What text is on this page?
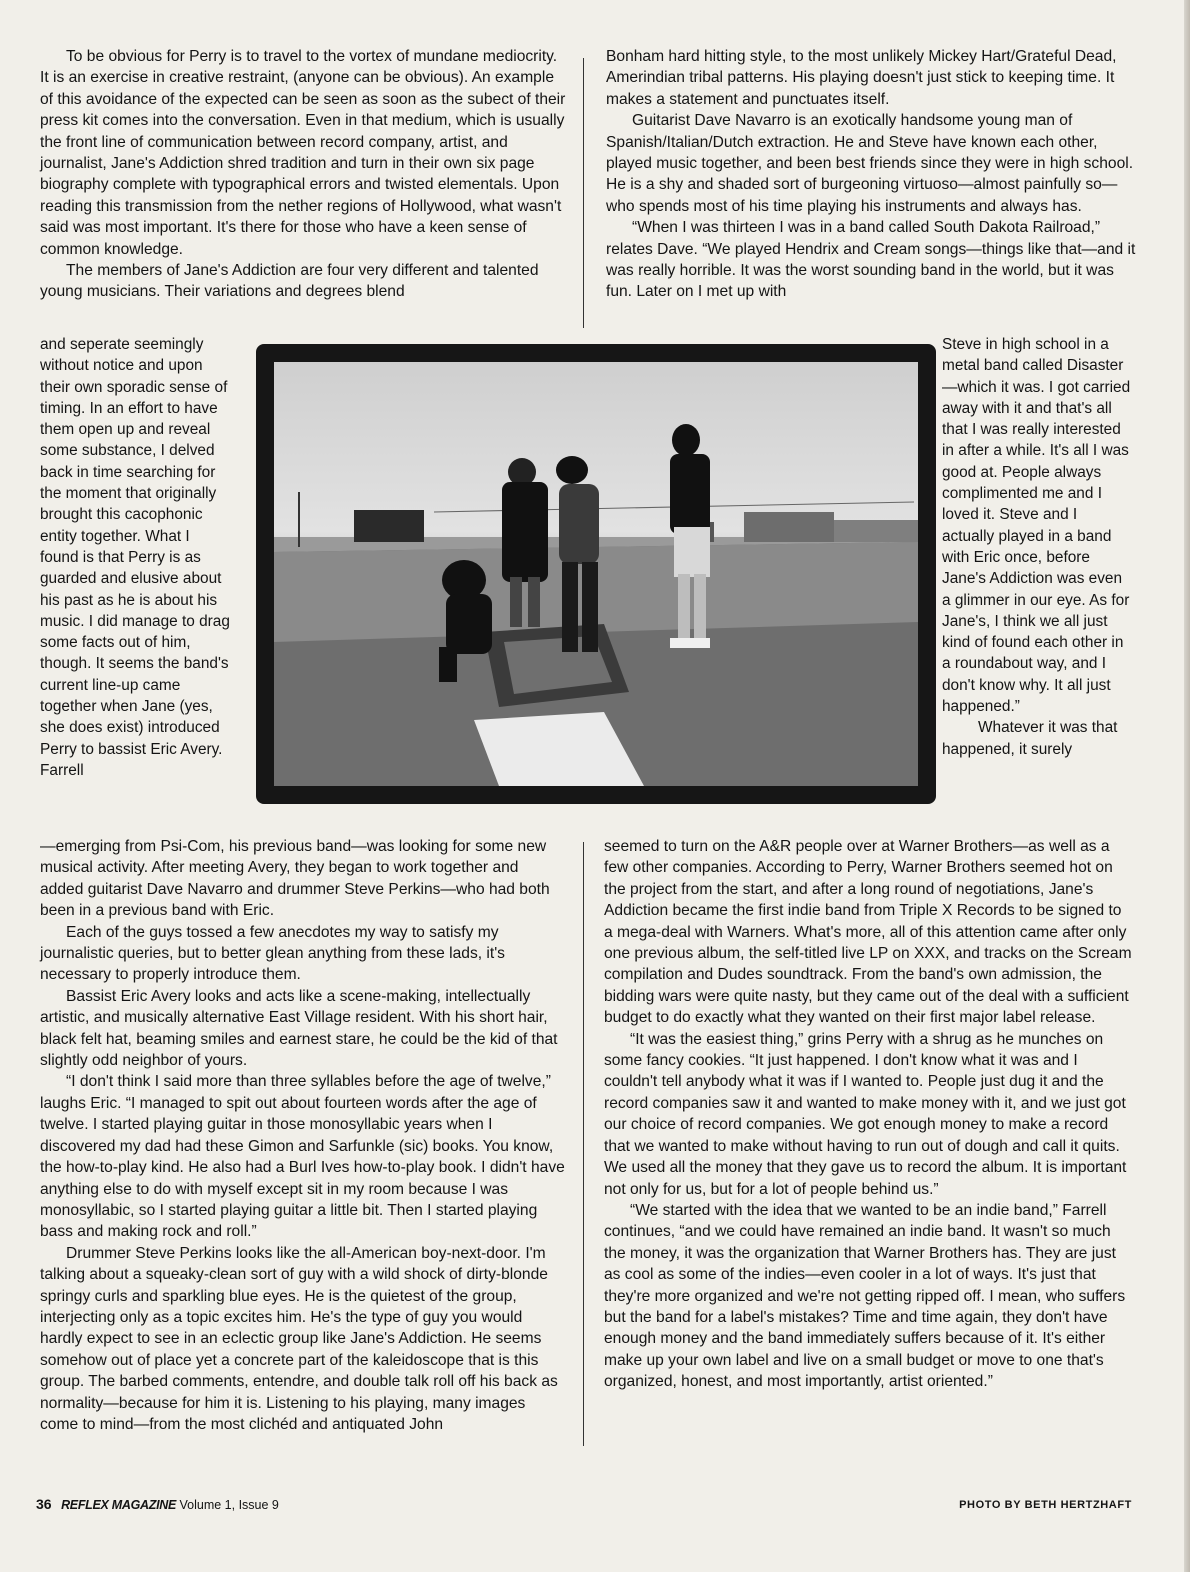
To be obvious for Perry is to travel to the vortex of mundane mediocrity. It is an exercise in creative restraint, (anyone can be obvious). An example of this avoidance of the expected can be seen as soon as the subect of their press kit comes into the conversation. Even in that medium, which is usually the front line of communication between record company, artist, and journalist, Jane's Addiction shred tradition and turn in their own six page biography complete with typographical errors and twisted elementals. Upon reading this transmission from the nether regions of Hollywood, what wasn't said was most important. It's there for those who have a keen sense of common knowledge.

The members of Jane's Addiction are four very different and talented young musicians. Their variations and degrees blend

Bonham hard hitting style, to the most unlikely Mickey Hart/Grateful Dead, Amerindian tribal patterns. His playing doesn't just stick to keeping time. It makes a statement and punctuates itself.

Guitarist Dave Navarro is an exotically handsome young man of Spanish/Italian/Dutch extraction. He and Steve have known each other, played music together, and been best friends since they were in high school. He is a shy and shaded sort of burgeoning virtuoso—almost painfully so—who spends most of his time playing his instruments and always has.

“When I was thirteen I was in a band called South Dakota Railroad,” relates Dave. “We played Hendrix and Cream songs—things like that—and it was really horrible. It was the worst sounding band in the world, but it was fun. Later on I met up with

and seperate seemingly without notice and upon their own sporadic sense of timing. In an effort to have them open up and reveal some substance, I delved back in time searching for the moment that originally brought this cacophonic entity together. What I found is that Perry is as guarded and elusive about his past as he is about his music. I did manage to drag some facts out of him, though. It seems the band's current line-up came together when Jane (yes, she does exist) introduced Perry to bassist Eric Avery. Farrell

Steve in high school in a metal band called Disaster—which it was. I got carried away with it and that's all that I was really interested in after a while. It's all I was good at. People always complimented me and I loved it. Steve and I actually played in a band with Eric once, before Jane's Addiction was even a glimmer in our eye. As for Jane's, I think we all just kind of found each other in a roundabout way, and I don't know why. It all just happened.”

Whatever it was that happened, it surely

—emerging from Psi-Com, his previous band—was looking for some new musical activity. After meeting Avery, they began to work together and added guitarist Dave Navarro and drummer Steve Perkins—who had both been in a previous band with Eric.

Each of the guys tossed a few anecdotes my way to satisfy my journalistic queries, but to better glean anything from these lads, it's necessary to properly introduce them.

Bassist Eric Avery looks and acts like a scene-making, intellectually artistic, and musically alternative East Village resident. With his short hair, black felt hat, beaming smiles and earnest stare, he could be the kid of that slightly odd neighbor of yours.

“I don't think I said more than three syllables before the age of twelve,” laughs Eric. “I managed to spit out about fourteen words after the age of twelve. I started playing guitar in those monosyllabic years when I discovered my dad had these Gimon and Sarfunkle (sic) books. You know, the how-to-play kind. He also had a Burl Ives how-to-play book. I didn't have anything else to do with myself except sit in my room because I was monosyllabic, so I started playing guitar a little bit. Then I started playing bass and making rock and roll.”

Drummer Steve Perkins looks like the all-American boy-next-door. I'm talking about a squeaky-clean sort of guy with a wild shock of dirty-blonde springy curls and sparkling blue eyes. He is the quietest of the group, interjecting only as a topic excites him. He's the type of guy you would hardly expect to see in an eclectic group like Jane's Addiction. He seems somehow out of place yet a concrete part of the kaleidoscope that is this group. The barbed comments, entendre, and double talk roll off his back as normality—because for him it is. Listening to his playing, many images come to mind—from the most clichéd and antiquated John

seemed to turn on the A&R people over at Warner Brothers—as well as a few other companies. According to Perry, Warner Brothers seemed hot on the project from the start, and after a long round of negotiations, Jane's Addiction became the first indie band from Triple X Records to be signed to a mega-deal with Warners. What's more, all of this attention came after only one previous album, the self-titled live LP on XXX, and tracks on the Scream compilation and Dudes soundtrack. From the band's own admission, the bidding wars were quite nasty, but they came out of the deal with a sufficient budget to do exactly what they wanted on their first major label release.

“It was the easiest thing,” grins Perry with a shrug as he munches on some fancy cookies. “It just happened. I don't know what it was and I couldn't tell anybody what it was if I wanted to. People just dug it and the record companies saw it and wanted to make money with it, and we just got our choice of record companies. We got enough money to make a record that we wanted to make without having to run out of dough and call it quits. We used all the money that they gave us to record the album. It is important not only for us, but for a lot of people behind us.”

“We started with the idea that we wanted to be an indie band,” Farrell continues, “and we could have remained an indie band. It wasn't so much the money, it was the organization that Warner Brothers has. They are just as cool as some of the indies—even cooler in a lot of ways. It's just that they're more organized and we're not getting ripped off. I mean, who suffers but the band for a label's mistakes? Time and time again, they don't have enough money and the band immediately suffers because of it. It's either make up your own label and live on a small budget or move to one that's organized, honest, and most importantly, artist oriented.”

36 REFLEX MAGAZINE Volume 1, Issue 9	PHOTO BY BETH HERTZHAFT
